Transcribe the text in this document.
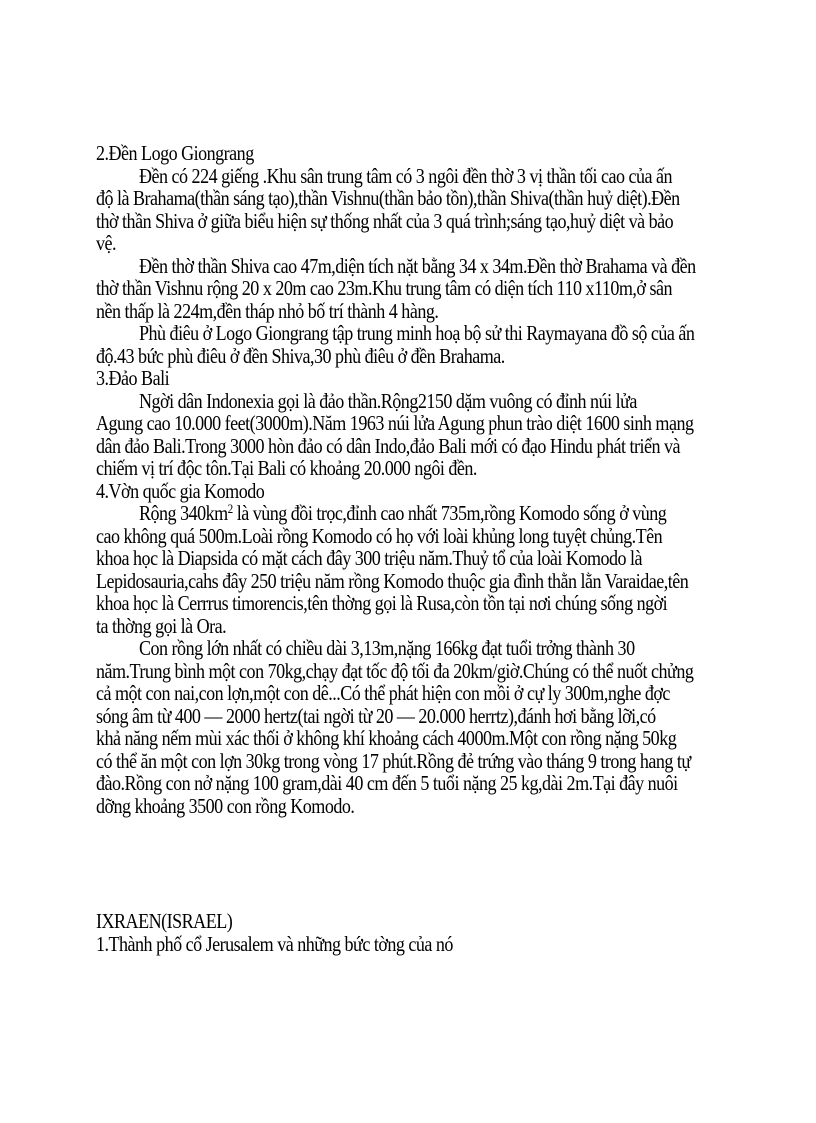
2.Đền Logo Giongrang
Đền có 224 giếng .Khu sân trung tâm có 3 ngôi đền thờ 3 vị thần tối cao của ấn
độ là Brahama(thần sáng tạo),thần Vishnu(thần bảo tồn),thần Shiva(thần huỷ diệt).Đền
thờ thần Shiva ở giữa biểu hiện sự thống nhất của 3 quá trình;sáng tạo,huỷ diệt và bảo
vệ.
Đền thờ thần Shiva cao 47m,diện tích nặt bằng 34 x 34m.Đền thờ Brahama và đền
thờ thần Vishnu rộng 20 x 20m cao 23m.Khu trung tâm có diện tích 110 x110m,ở sân
nền thấp là 224m,đền tháp nhỏ bố trí thành 4 hàng.
Phù điêu ở Logo Giongrang tập trung minh hoạ bộ sử thi Raymayana đồ sộ của ấn
độ.43 bức phù điêu ở đền Shiva,30 phù điêu ở đền Brahama.
3.Đảo Bali
Ngời dân Indonexia gọi là đảo thần.Rộng2150 dặm vuông có đỉnh núi lửa
Agung cao 10.000 feet(3000m).Năm 1963 núi lửa Agung phun trào diệt 1600 sinh mạng
dân đảo Bali.Trong 3000 hòn đảo có dân Indo,đảo Bali mới có đạo Hindu phát triển và
chiếm vị trí độc tôn.Tại Bali có khoảng 20.000 ngôi đền.
4.Vờn quốc gia Komodo
Rộng $340km^2$ là vùng đồi trọc,đỉnh cao nhất 735m,rồng Komodo sống ở vùng
cao không quá 500m.Loài rồng Komodo có họ với loài khủng long tuyệt chủng.Tên
khoa học là Diapsida có mặt cách đây 300 triệu năm.Thuỷ tổ của loài Komodo là
Lepidosauria,cahs đây 250 triệu năm rồng Komodo thuộc gia đình thằn lằn Varaidae,tên
khoa học là Cerrrus timorencis,tên thờng gọi là Rusa,còn tồn tại nơi chúng sống ngời
ta thờng gọi là Ora.
Con rồng lớn nhất có chiều dài 3,13m,nặng 166kg đạt tuổi trởng thành 30
năm.Trung bình một con 70kg,chạy đạt tốc độ tối đa 20km/giờ.Chúng có thể nuốt chửng
cả một con nai,con lợn,một con dê...Có thể phát hiện con mồi ở cự ly 300m,nghe đợc
sóng âm từ 400 — 2000 hertz(tai ngời từ 20 — 20.000 herrtz),đánh hơi bằng lỡi,có
khả năng nếm mùi xác thối ở không khí khoảng cách 4000m.Một con rồng nặng 50kg
có thể ăn một con lợn 30kg trong vòng 17 phút.Rồng đẻ trứng vào tháng 9 trong hang tự
đào.Rồng con nở nặng 100 gram,dài 40 cm đến 5 tuổi nặng 25 kg,dài 2m.Tại đây nuôi
dỡng khoảng 3500 con rồng Komodo.
IXRAEN(ISRAEL)
1.Thành phố cổ Jerusalem và những bức tờng của nó
